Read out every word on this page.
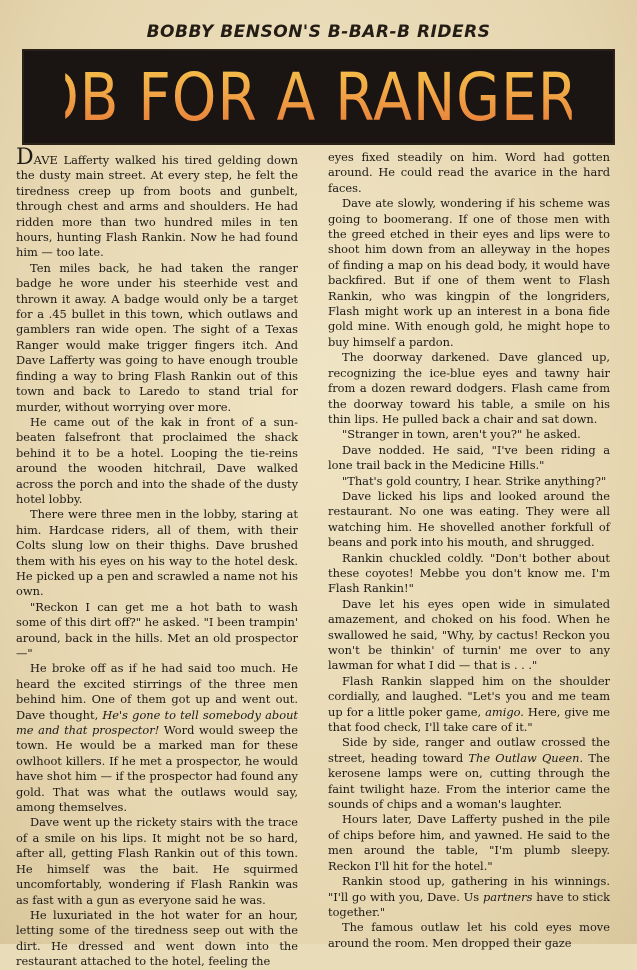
BOBBY BENSON'S B-BAR-B RIDERS
JOB FOR A RANGER !

DAVE Lafferty walked his tired gelding down the dusty main street. At every step, he felt the tiredness creep up from boots and gunbelt, through chest and arms and shoulders. He had ridden more than two hundred miles in ten hours, hunting Flash Rankin. Now he had found him — too late.

Ten miles back, he had taken the ranger badge he wore under his steerhide vest and thrown it away. A badge would only be a target for a .45 bullet in this town, which outlaws and gamblers ran wide open. The sight of a Texas Ranger would make trigger fingers itch. And Dave Lafferty was going to have enough trouble finding a way to bring Flash Rankin out of this town and back to Laredo to stand trial for murder, without worrying over more.

He came out of the kak in front of a sun-beaten falsefront that proclaimed the shack behind it to be a hotel. Looping the tie-reins around the wooden hitchrail, Dave walked across the porch and into the shade of the dusty hotel lobby.

There were three men in the lobby, staring at him. Hardcase riders, all of them, with their Colts slung low on their thighs. Dave brushed them with his eyes on his way to the hotel desk. He picked up a pen and scrawled a name not his own.

"Reckon I can get me a hot bath to wash some of this dirt off?" he asked. "I been trampin' around, back in the hills. Met an old prospector —"

He broke off as if he had said too much. He heard the excited stirrings of the three men behind him. One of them got up and went out. Dave thought, He's gone to tell somebody about me and that prospector! Word would sweep the town. He would be a marked man for these owlhoot killers. If he met a prospector, he would have shot him — if the prospector had found any gold. That was what the outlaws would say, among themselves.

Dave went up the rickety stairs with the trace of a smile on his lips. It might not be so hard, after all, getting Flash Rankin out of this town. He himself was the bait. He squirmed uncomfortably, wondering if Flash Rankin was as fast with a gun as everyone said he was.

He luxuriated in the hot water for an hour, letting some of the tiredness seep out with the dirt. He dressed and went down into the restaurant attached to the hotel, feeling the

eyes fixed steadily on him. Word had gotten around. He could read the avarice in the hard faces.

Dave ate slowly, wondering if his scheme was going to boomerang. If one of those men with the greed etched in their eyes and lips were to shoot him down from an alleyway in the hopes of finding a map on his dead body, it would have backfired. But if one of them went to Flash Rankin, who was kingpin of the longriders, Flash might work up an interest in a bona fide gold mine. With enough gold, he might hope to buy himself a pardon.

The doorway darkened. Dave glanced up, recognizing the ice-blue eyes and tawny hair from a dozen reward dodgers. Flash came from the doorway toward his table, a smile on his thin lips. He pulled back a chair and sat down.

"Stranger in town, aren't you?" he asked.

Dave nodded. He said, "I've been riding a lone trail back in the Medicine Hills."

"That's gold country, I hear. Strike anything?"

Dave licked his lips and looked around the restaurant. No one was eating. They were all watching him. He shovelled another forkfull of beans and pork into his mouth, and shrugged.

Rankin chuckled coldly. "Don't bother about these coyotes! Mebbe you don't know me. I'm Flash Rankin!"

Dave let his eyes open wide in simulated amazement, and choked on his food. When he swallowed he said, "Why, by cactus! Reckon you won't be thinkin' of turnin' me over to any lawman for what I did — that is . . ."

Flash Rankin slapped him on the shoulder cordially, and laughed. "Let's you and me team up for a little poker game, amigo. Here, give me that food check, I'll take care of it."

Side by side, ranger and outlaw crossed the street, heading toward The Outlaw Queen. The kerosene lamps were on, cutting through the faint twilight haze. From the interior came the sounds of chips and a woman's laughter.

Hours later, Dave Lafferty pushed in the pile of chips before him, and yawned. He said to the men around the table, "I'm plumb sleepy. Reckon I'll hit for the hotel."

Rankin stood up, gathering in his winnings. "I'll go with you, Dave. Us partners have to stick together."

The famous outlaw let his cold eyes move around the room. Men dropped their gaze
